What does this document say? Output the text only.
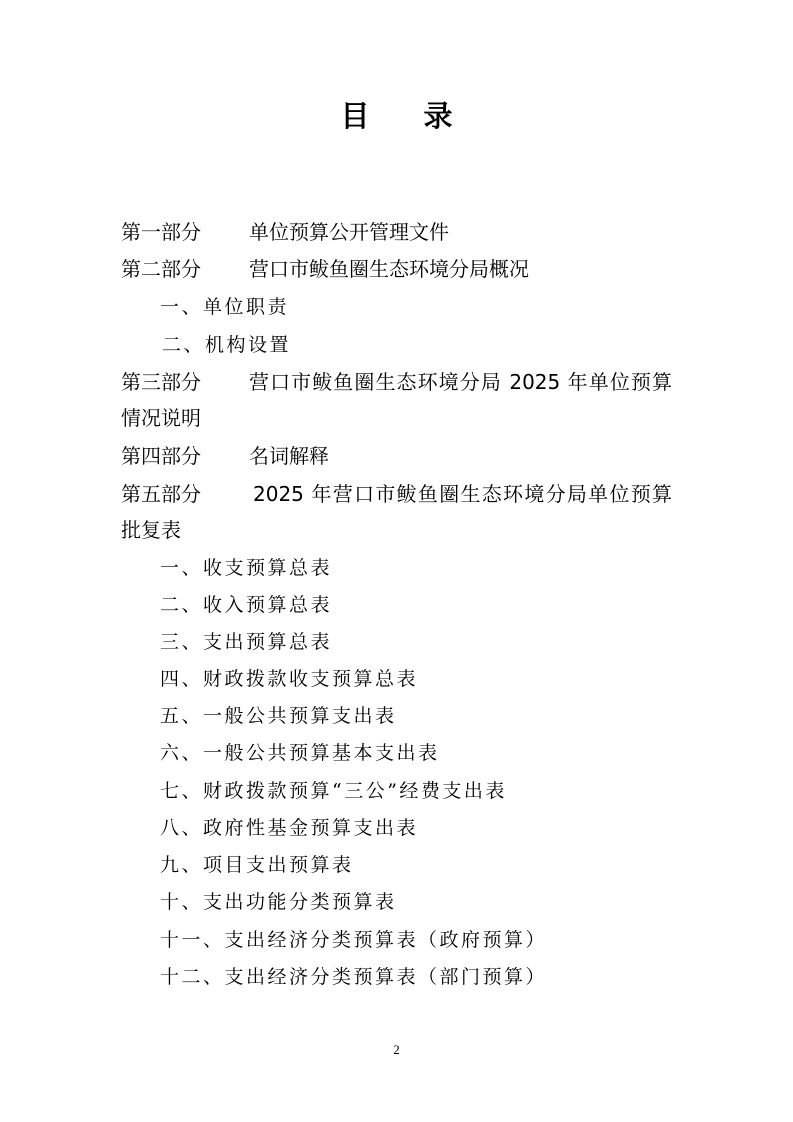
目录
第一部分 单位预算公开管理文件
第二部分 营口市鲅鱼圈生态环境分局概况
一、单位职责
二、机构设置
第三部分 营口市鲅鱼圈生态环境分局 2025 年单位预算
情况说明
第四部分 名词解释
第五部分	2025 年营口市鲅鱼圈生态环境分局单位预算
批复表
一、收支预算总表
二、收入预算总表
三、支出预算总表
四、财政拨款收支预算总表
五、一般公共预算支出表
六、一般公共预算基本支出表
七、财政拨款预算“三公”经费支出表
八、政府性基金预算支出表
九、项目支出预算表
十、支出功能分类预算表
十一、支出经济分类预算表（政府预算）
十二、支出经济分类预算表（部门预算）
2
